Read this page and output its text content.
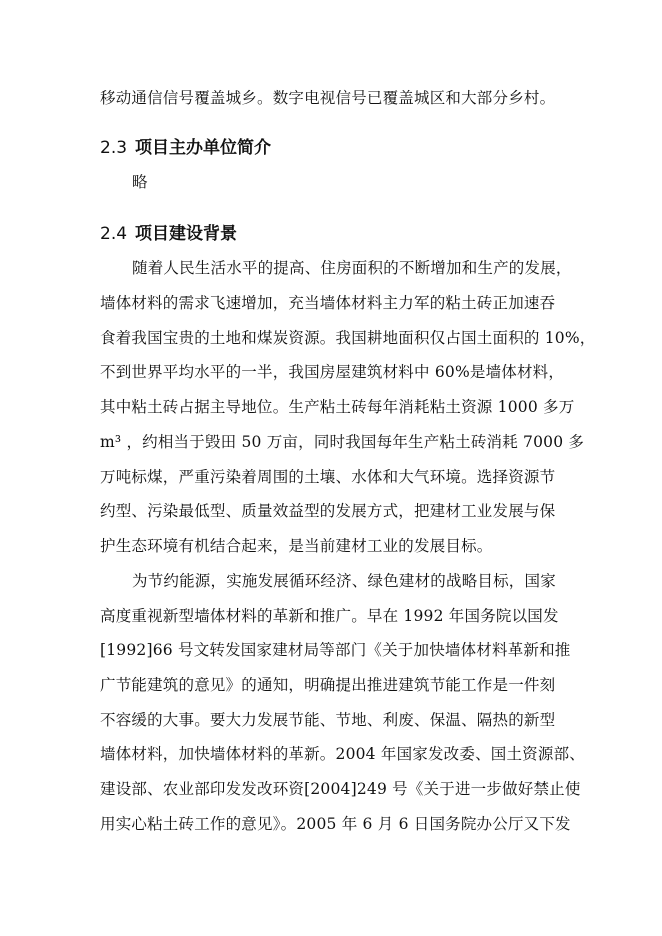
移动通信信号覆盖城乡。数字电视信号已覆盖城区和大部分乡村。
2.3 项目主办单位简介
略
2.4 项目建设背景
随着人民生活水平的提高、住房面积的不断增加和生产的发展，
墙体材料的需求飞速增加，充当墙体材料主力军的粘土砖正加速吞
食着我国宝贵的土地和煤炭资源。我国耕地面积仅占国土面积的 10%，
不到世界平均水平的一半，我国房屋建筑材料中 60%是墙体材料，
其中粘土砖占据主导地位。生产粘土砖每年消耗粘土资源 1000 多万
m³ ，约相当于毁田 50 万亩，同时我国每年生产粘土砖消耗 7000 多
万吨标煤，严重污染着周围的土壤、水体和大气环境。选择资源节
约型、污染最低型、质量效益型的发展方式，把建材工业发展与保
护生态环境有机结合起来，是当前建材工业的发展目标。
为节约能源，实施发展循环经济、绿色建材的战略目标，国家
高度重视新型墙体材料的革新和推广。早在 1992 年国务院以国发
[1992]66 号文转发国家建材局等部门《关于加快墙体材料革新和推
广节能建筑的意见》的通知，明确提出推进建筑节能工作是一件刻
不容缓的大事。要大力发展节能、节地、利废、保温、隔热的新型
墙体材料，加快墙体材料的革新。2004 年国家发改委、国土资源部、
建设部、农业部印发发改环资[2004]249 号《关于进一步做好禁止使
用实心粘土砖工作的意见》。2005 年 6 月 6 日国务院办公厅又下发
